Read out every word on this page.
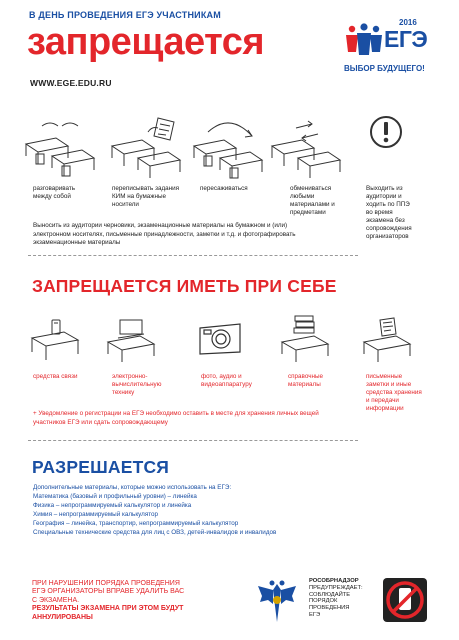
В ДЕНЬ ПРОВЕДЕНИЯ ЕГЭ УЧАСТНИКАМ
запрещается
WWW.EGE.EDU.RU
2016
ЕГЭ
ВЫБОР БУДУЩЕГО!
разговаривать между собой
переписывать задания КИМ на бумажные носители
пересаживаться	обмениваться любыми материалами и предметами
Выходить из аудитории и ходить по ППЭ во время экзамена без сопровождения организаторов
Выносить из аудитории черновики, экзаменационные материалы на бумажном и (или) электронном носителях, письменные принадлежности, заметки и т.д. и фотографировать экзаменационные материалы
ЗАПРЕЩАЕТСЯ ИМЕТЬ ПРИ СЕБЕ
средства связи	электронно-вычислительную технику
фото, аудио и видеоаппаратуру
справочные материалы
письменные заметки и иные средства хранения и передачи информации
+ Уведомление о регистрации на ЕГЭ необходимо оставить в месте для хранения личных вещей участников ЕГЭ или сдать сопровождающему
РАЗРЕШАЕТСЯ
Дополнительные материалы, которые можно использовать на ЕГЭ:
Математика (базовый и профильный уровни) – линейка
Физика – непрограммируемый калькулятор и линейка
Химия – непрограммируемый калькулятор
География – линейка, транспортир, непрограммируемый калькулятор
Специальные технические средства для лиц с ОВЗ, детей-инвалидов и инвалидов
ПРИ НАРУШЕНИИ ПОРЯДКА ПРОВЕДЕНИЯ
ЕГЭ ОРГАНИЗАТОРЫ ВПРАВЕ УДАЛИТЬ ВАС
С ЭКЗАМЕНА.
РЕЗУЛЬТАТЫ ЭКЗАМЕНА ПРИ ЭТОМ БУДУТ
АННУЛИРОВАНЫ
РОСОБРНАДЗОР
ПРЕДУПРЕЖДАЕТ:
СОБЛЮДАЙТЕ
ПОРЯДОК
ПРОВЕДЕНИЯ
ЕГЭ
